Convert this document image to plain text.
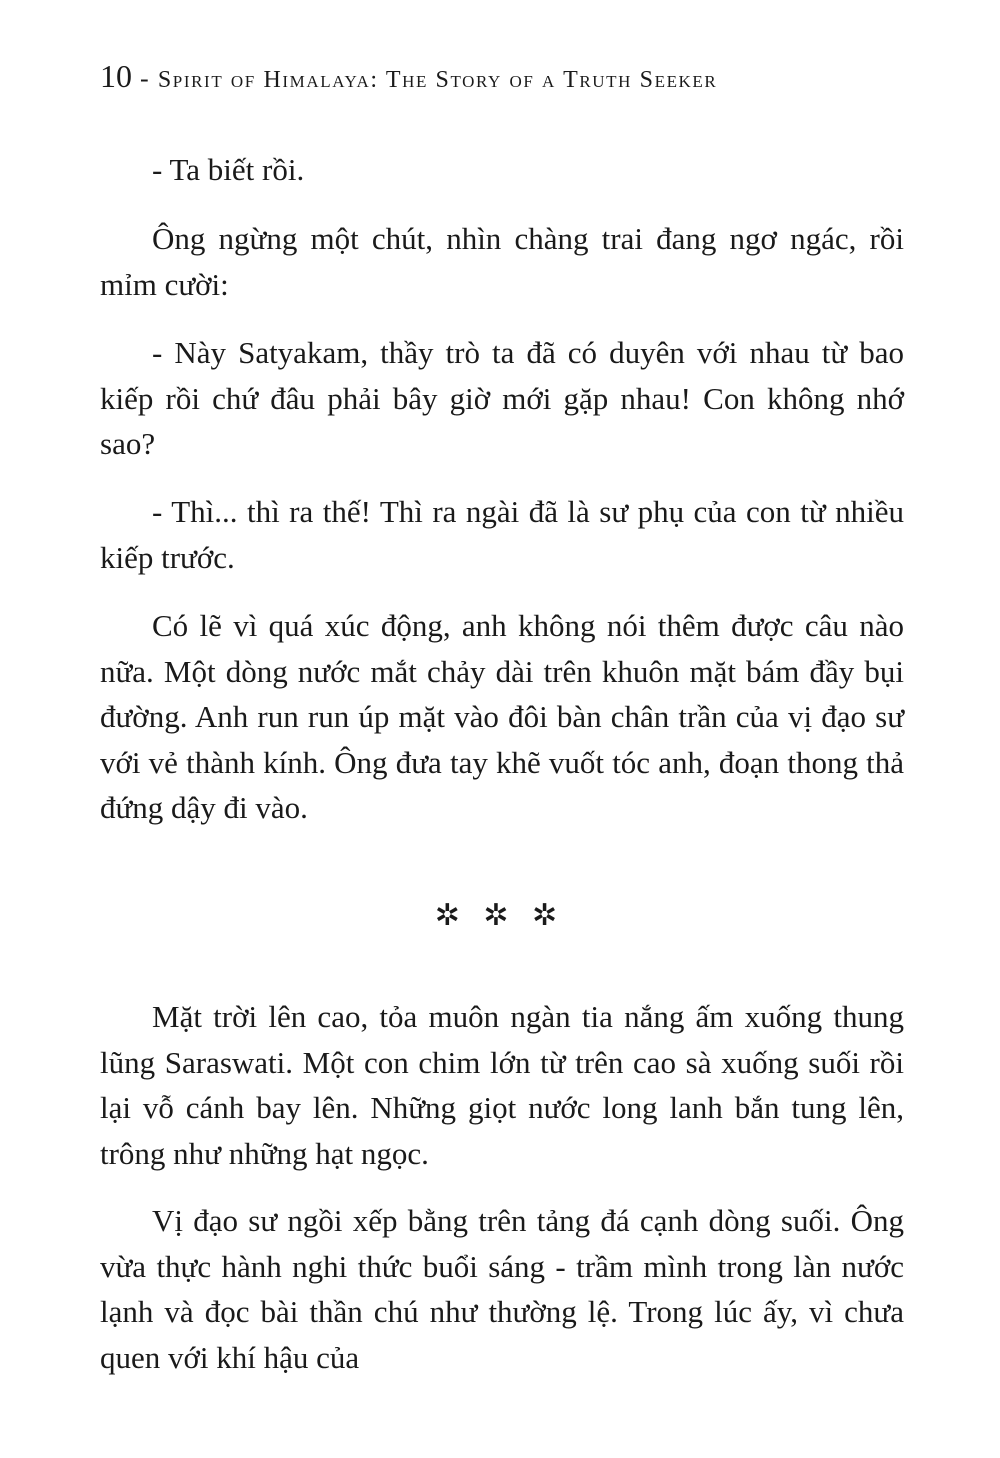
10 - Spirit of Himalaya: The Story of a Truth Seeker

- Ta biết rồi.

Ông ngừng một chút, nhìn chàng trai đang ngơ ngác, rồi mỉm cười:

- Này Satyakam, thầy trò ta đã có duyên với nhau từ bao kiếp rồi chứ đâu phải bây giờ mới gặp nhau! Con không nhớ sao?

- Thì... thì ra thế! Thì ra ngài đã là sư phụ của con từ nhiều kiếp trước.

Có lẽ vì quá xúc động, anh không nói thêm được câu nào nữa. Một dòng nước mắt chảy dài trên khuôn mặt bám đầy bụi đường. Anh run run úp mặt vào đôi bàn chân trần của vị đạo sư với vẻ thành kính. Ông đưa tay khẽ vuốt tóc anh, đoạn thong thả đứng dậy đi vào.

✲ ✲ ✲

Mặt trời lên cao, tỏa muôn ngàn tia nắng ấm xuống thung lũng Saraswati. Một con chim lớn từ trên cao sà xuống suối rồi lại vỗ cánh bay lên. Những giọt nước long lanh bắn tung lên, trông như những hạt ngọc.

Vị đạo sư ngồi xếp bằng trên tảng đá cạnh dòng suối. Ông vừa thực hành nghi thức buổi sáng - trầm mình trong làn nước lạnh và đọc bài thần chú như thường lệ. Trong lúc ấy, vì chưa quen với khí hậu của
